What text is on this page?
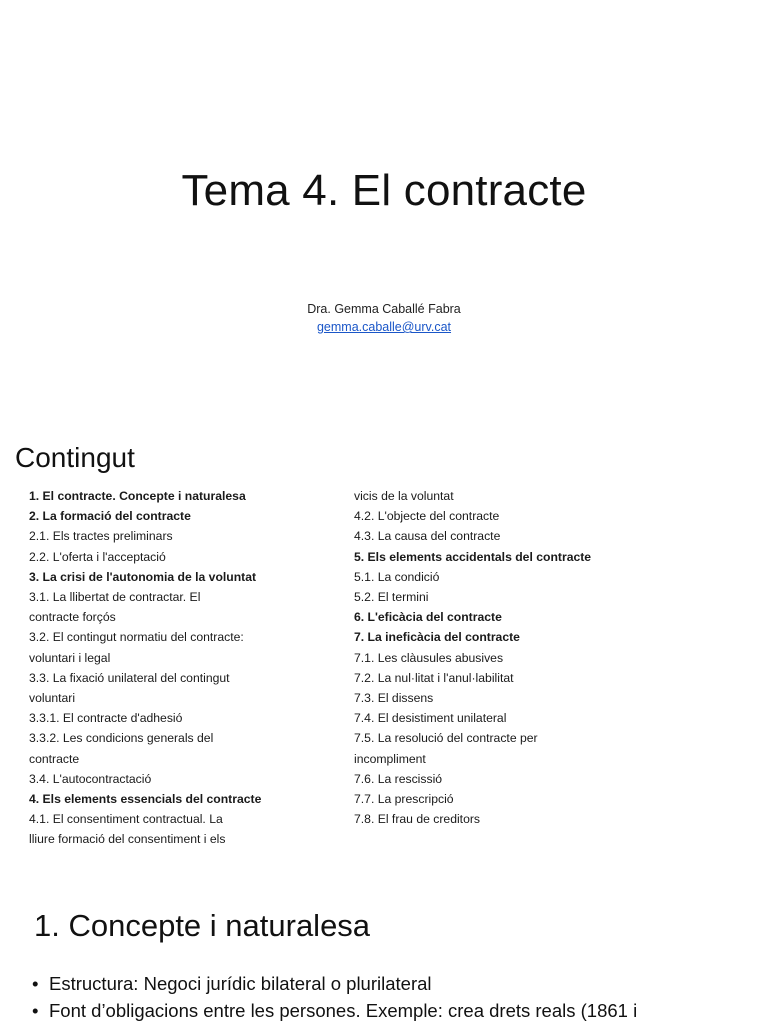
Tema 4. El contracte
Dra. Gemma Caballé Fabra
gemma.caballe@urv.cat
Contingut
1. El contracte. Concepte i naturalesa
2. La formació del contracte
2.1. Els tractes preliminars
2.2. L'oferta i l'acceptació
3. La crisi de l'autonomia de la voluntat
3.1. La llibertat de contractar. El
contracte forçós
3.2. El contingut normatiu del contracte:
voluntari i legal
3.3. La fixació unilateral del contingut
voluntari
3.3.1. El contracte d'adhesió
3.3.2. Les condicions generals del
contracte
3.4. L'autocontractació
4. Els elements essencials del contracte
4.1. El consentiment contractual. La
lliure formació del consentiment i els
vicis de la voluntat
4.2. L'objecte del contracte
4.3. La causa del contracte
5. Els elements accidentals del contracte
5.1. La condició
5.2. El termini
6. L'eficàcia del contracte
7. La ineficàcia del contracte
7.1. Les clàusules abusives
7.2. La nul·litat i l'anul·labilitat
7.3. El dissens
7.4. El desistiment unilateral
7.5. La resolució del contracte per
incompliment
7.6. La rescissió
7.7. La prescripció
7.8. El frau de creditors
1. Concepte i naturalesa
• Estructura: Negoci jurídic bilateral o plurilateral
• Font d’obligacions entre les persones. Exemple: crea drets reals (1861 i
